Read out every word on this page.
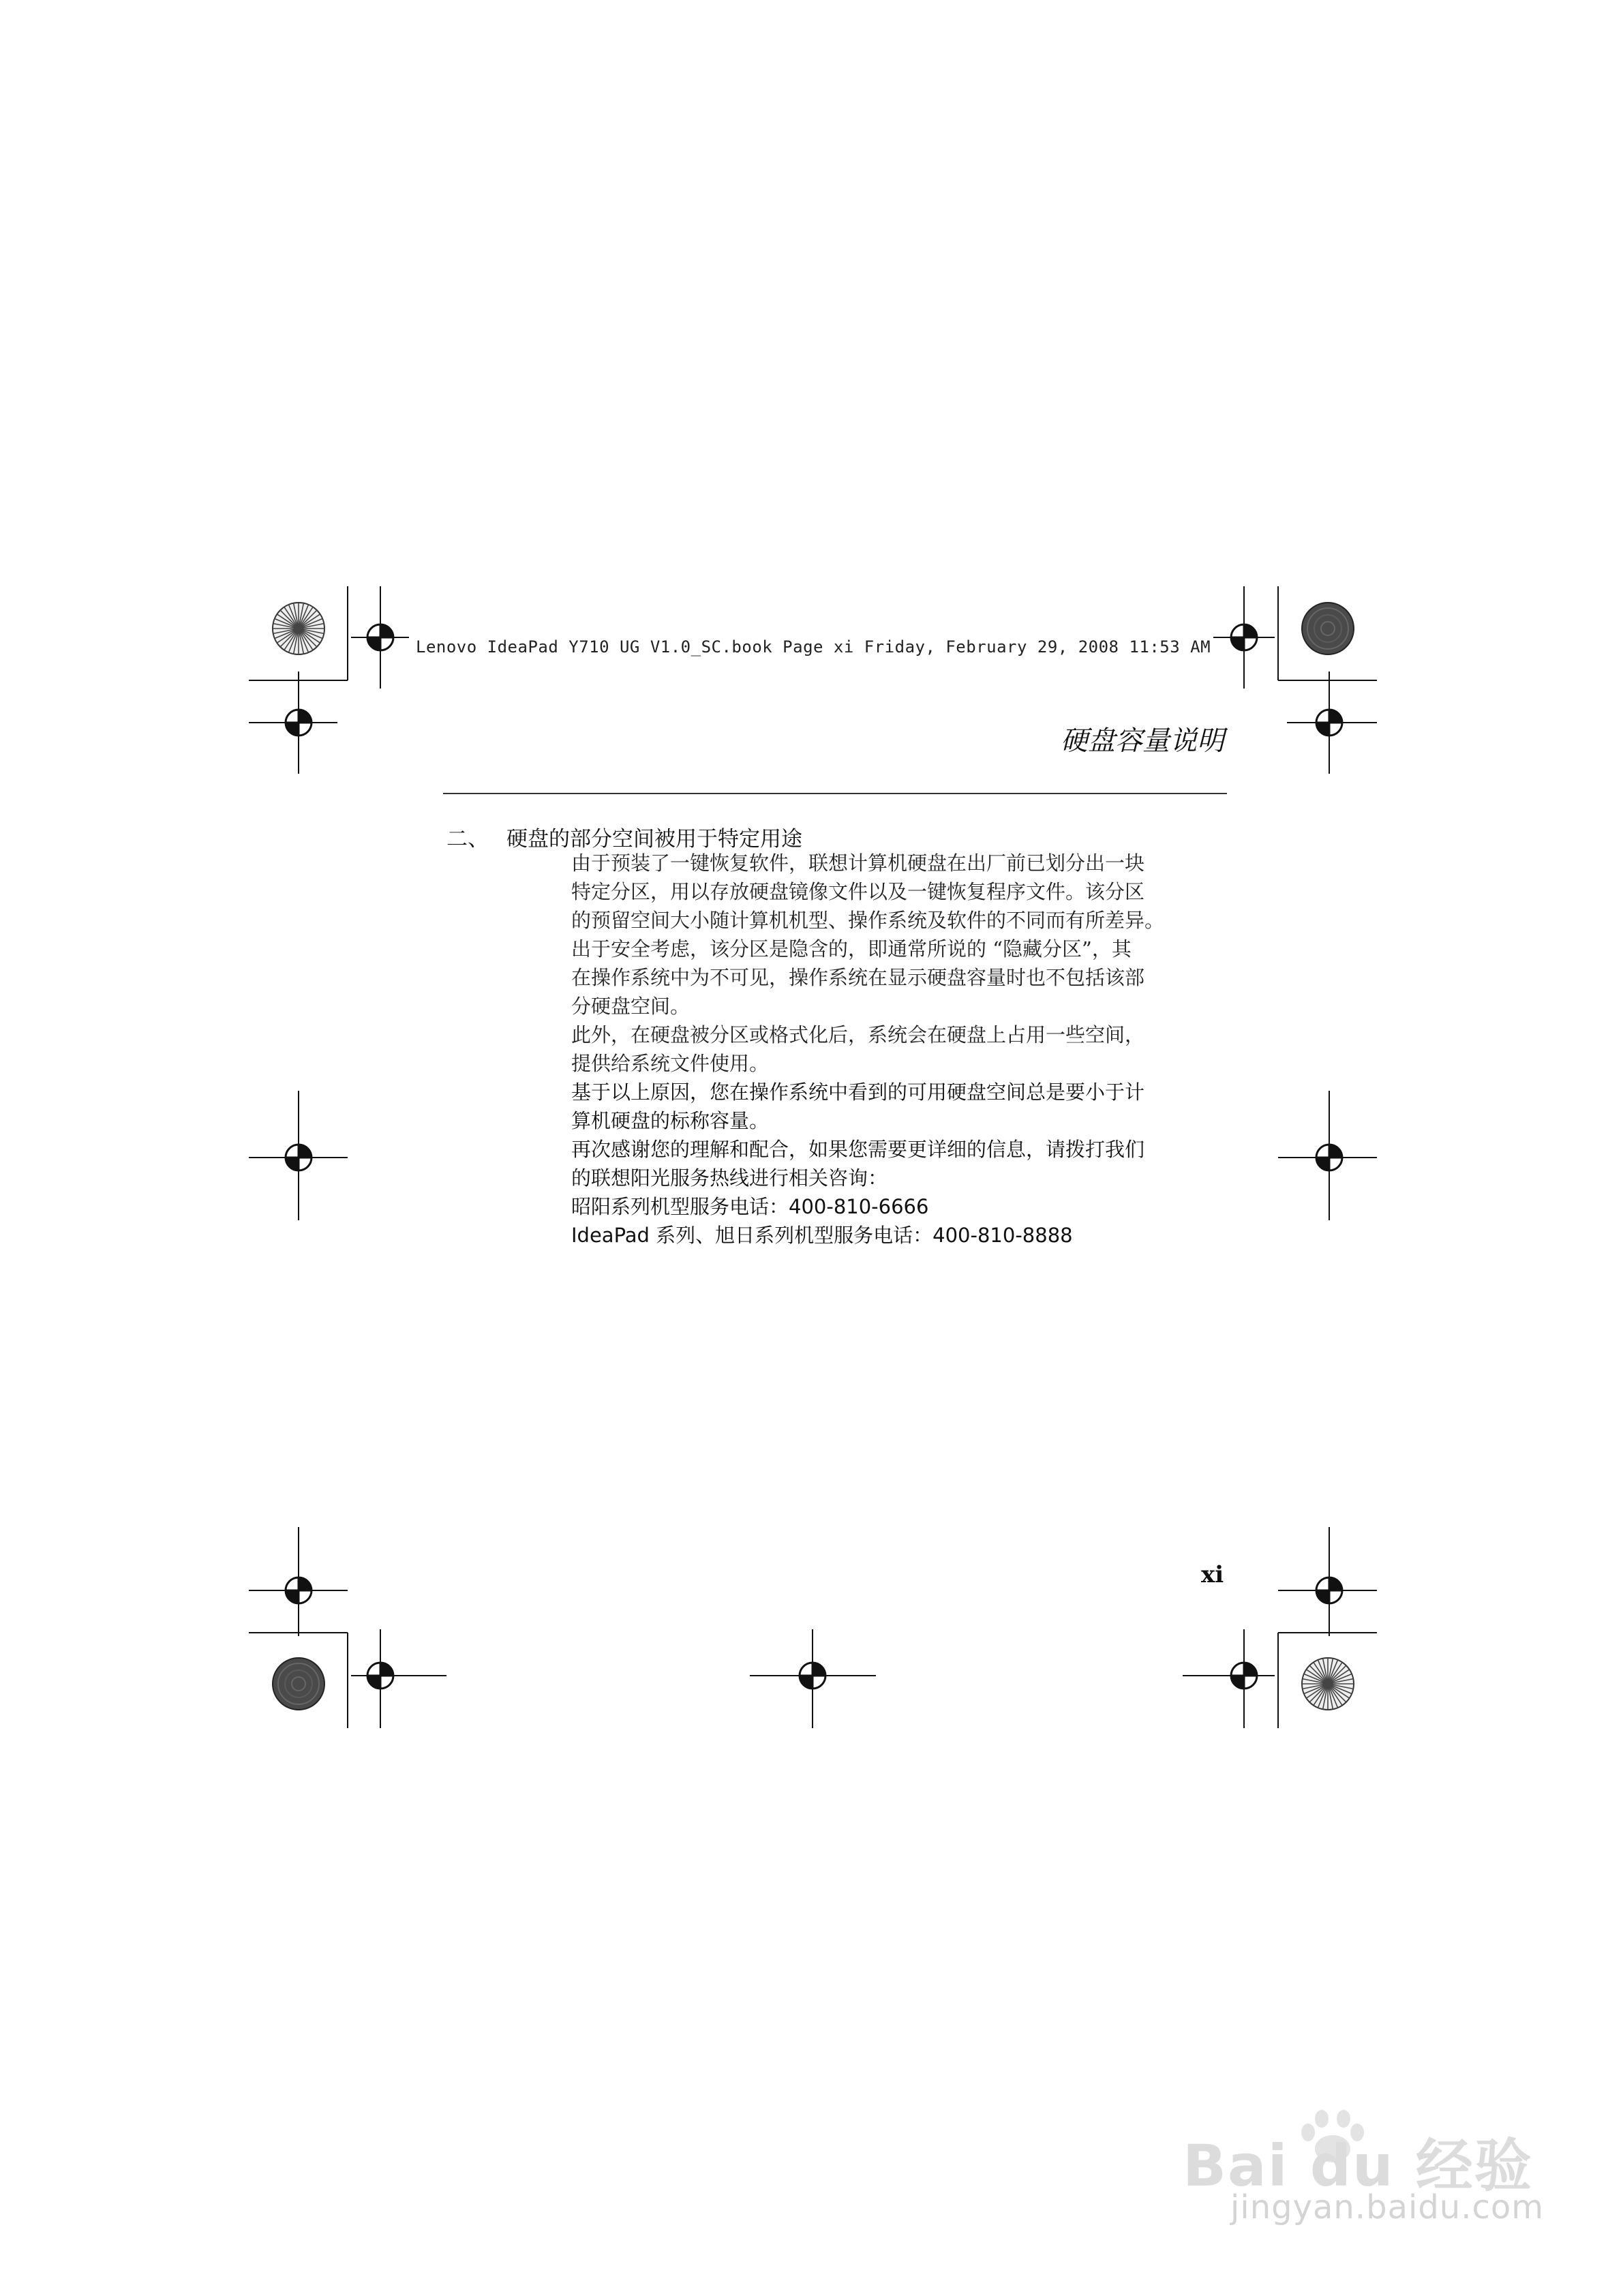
Lenovo IdeaPad Y710 UG V1.0_SC.book Page xi Friday, February 29, 2008 11:53 AM
硬盘容量说明
二、 硬盘的部分空间被用于特定用途
由于预装了一键恢复软件，联想计算机硬盘在出厂前已划分出一块
特定分区，用以存放硬盘镜像文件以及一键恢复程序文件。该分区
的预留空间大小随计算机机型、操作系统及软件的不同而有所差异。
出于安全考虑，该分区是隐含的，即通常所说的 “隐藏分区”，其
在操作系统中为不可见，操作系统在显示硬盘容量时也不包括该部
分硬盘空间。
此外，在硬盘被分区或格式化后，系统会在硬盘上占用一些空间，
提供给系统文件使用。
基于以上原因，您在操作系统中看到的可用硬盘空间总是要小于计
算机硬盘的标称容量。
再次感谢您的理解和配合，如果您需要更详细的信息，请拨打我们
的联想阳光服务热线进行相关咨询：
昭阳系列机型服务电话：400-810-6666
IdeaPad 系列、旭日系列机型服务电话：400-810-8888
xi
Bai du 经验
jingyan.baidu.com
